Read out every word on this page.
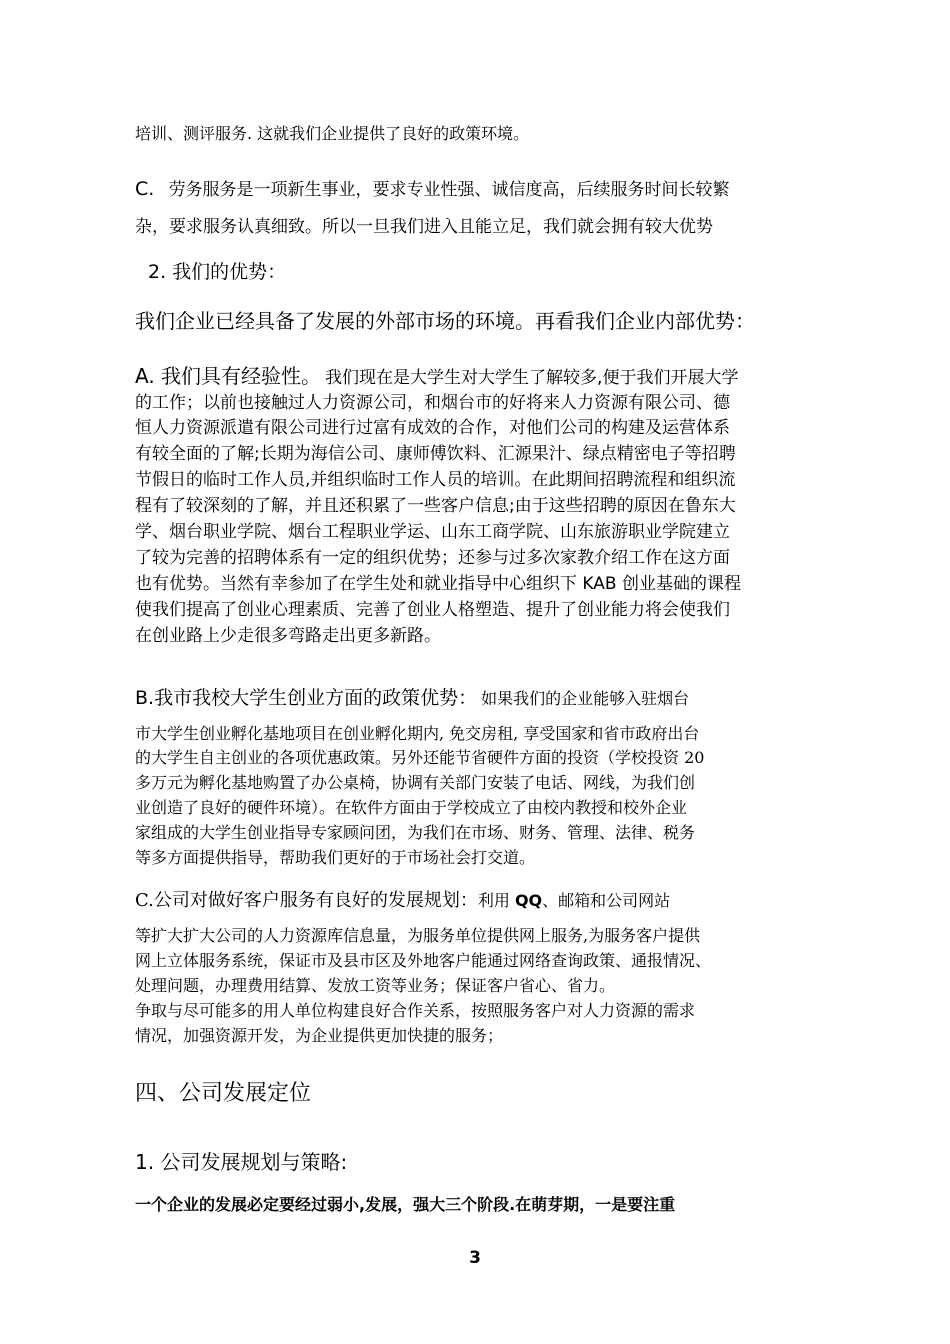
培训、测评服务. 这就我们企业提供了良好的政策环境。
C. 劳务服务是一项新生事业，要求专业性强、诚信度高，后续服务时间长较繁
杂，要求服务认真细致。所以一旦我们进入且能立足，我们就会拥有较大优势
2. 我们的优势：
我们企业已经具备了发展的外部市场的环境。再看我们企业内部优势：
A. 我们具有经验性。 我们现在是大学生对大学生了解较多,便于我们开展大学
的工作；以前也接触过人力资源公司，和烟台市的好将来人力资源有限公司、德
恒人力资源派遣有限公司进行过富有成效的合作，对他们公司的构建及运营体系
有较全面的了解;长期为海信公司、康师傅饮料、汇源果汁、绿点精密电子等招聘
节假日的临时工作人员,并组织临时工作人员的培训。在此期间招聘流程和组织流
程有了较深刻的了解，并且还积累了一些客户信息;由于这些招聘的原因在鲁东大
学、烟台职业学院、烟台工程职业学运、山东工商学院、山东旅游职业学院建立
了较为完善的招聘体系有一定的组织优势；还参与过多次家教介绍工作在这方面
也有优势。当然有幸参加了在学生处和就业指导中心组织下 KAB 创业基础的课程
使我们提高了创业心理素质、完善了创业人格塑造、提升了创业能力将会使我们
在创业路上少走很多弯路走出更多新路。
B.我市我校大学生创业方面的政策优势： 如果我们的企业能够入驻烟台
市大学生创业孵化基地项目在创业孵化期内, 免交房租, 享受国家和省市政府出台
的大学生自主创业的各项优惠政策。另外还能节省硬件方面的投资（学校投资 20
多万元为孵化基地购置了办公桌椅，协调有关部门安装了电话、网线，为我们创
业创造了良好的硬件环境）。在软件方面由于学校成立了由校内教授和校外企业
家组成的大学生创业指导专家顾问团，为我们在市场、财务、管理、法律、税务
等多方面提供指导，帮助我们更好的于市场社会打交道。
C.公司对做好客户服务有良好的发展规划：利用 QQ、邮箱和公司网站
等扩大扩大公司的人力资源库信息量，为服务单位提供网上服务,为服务客户提供
网上立体服务系统，保证市及县市区及外地客户能通过网络查询政策、通报情况、
处理问题，办理费用结算、发放工资等业务；保证客户省心、省力。
争取与尽可能多的用人单位构建良好合作关系，按照服务客户对人力资源的需求
情况，加强资源开发，为企业提供更加快捷的服务；
四、公司发展定位
1. 公司发展规划与策略:
一个企业的发展必定要经过弱小,发展，强大三个阶段.在萌芽期，一是要注重
3
